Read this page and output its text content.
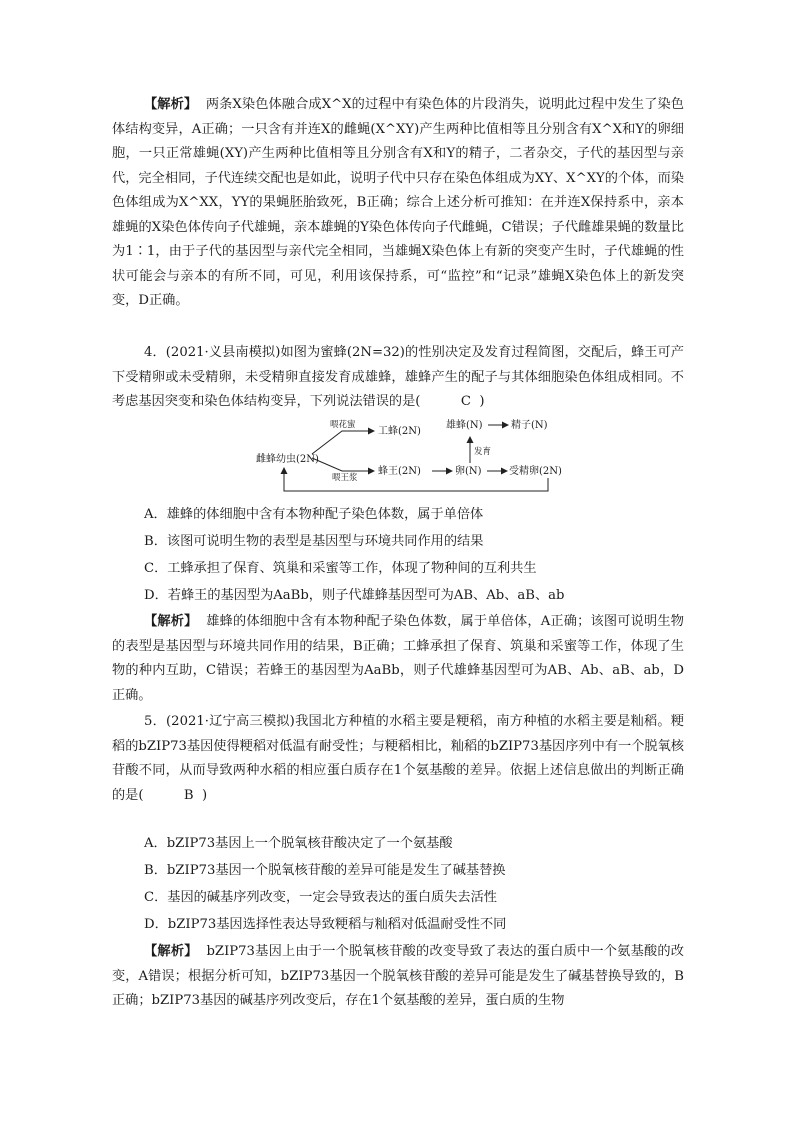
【解析】 两条X染色体融合成X^X的过程中有染色体的片段消失，说明此过程中发生了染色体结构变异，A正确；一只含有并连X的雌蝇(X^XY)产生两种比值相等且分别含有X^X和Y的卵细胞，一只正常雄蝇(XY)产生两种比值相等且分别含有X和Y的精子，二者杂交，子代的基因型与亲代，完全相同，子代连续交配也是如此，说明子代中只存在染色体组成为XY、X^XY的个体，而染色体组成为X^XX，YY的果蝇胚胎致死，B正确；综合上述分析可推知：在并连X保持系中，亲本雄蝇的X染色体传向子代雄蝇，亲本雄蝇的Y染色体传向子代雌蝇，C错误；子代雌雄果蝇的数量比为1∶1，由于子代的基因型与亲代完全相同，当雄蝇X染色体上有新的突变产生时，子代雄蝇的性状可能会与亲本的有所不同，可见，利用该保持系，可“监控”和“记录”雄蝇X染色体上的新发突变，D正确。

4．(2021·义县南模拟)如图为蜜蜂(2N=32)的性别决定及发育过程简图，交配后，蜂王可产下受精卵或未受精卵，未受精卵直接发育成雄蜂，雄蜂产生的配子与其体细胞染色体组成相同。不考虑基因突变和染色体结构变异，下列说法错误的是(	C )

雌蜂幼虫(2N)
喂花蜜
喂王浆
工蜂(2N)
蜂王(2N)	卵(N)
发育
雄蜂(N)	精子(N)
受精卵(2N)

A．雄蜂的体细胞中含有本物种配子染色体数，属于单倍体

B．该图可说明生物的表型是基因型与环境共同作用的结果

C．工蜂承担了保育、筑巢和采蜜等工作，体现了物种间的互利共生

D．若蜂王的基因型为AaBb，则子代雄蜂基因型可为AB、Ab、aB、ab

【解析】 雄蜂的体细胞中含有本物种配子染色体数，属于单倍体，A正确；该图可说明生物的表型是基因型与环境共同作用的结果，B正确；工蜂承担了保育、筑巢和采蜜等工作，体现了生物的种内互助，C错误；若蜂王的基因型为AaBb，则子代雄蜂基因型可为AB、Ab、aB、ab，D正确。

5．(2021·辽宁高三模拟)我国北方种植的水稻主要是粳稻，南方种植的水稻主要是籼稻。粳稻的bZIP73基因使得粳稻对低温有耐受性；与粳稻相比，籼稻的bZIP73基因序列中有一个脱氧核苷酸不同，从而导致两种水稻的相应蛋白质存在1个氨基酸的差异。依据上述信息做出的判断正确的是(	B )

A．bZIP73基因上一个脱氧核苷酸决定了一个氨基酸

B．bZIP73基因一个脱氧核苷酸的差异可能是发生了碱基替换

C．基因的碱基序列改变，一定会导致表达的蛋白质失去活性

D．bZIP73基因选择性表达导致粳稻与籼稻对低温耐受性不同

【解析】 bZIP73基因上由于一个脱氧核苷酸的改变导致了表达的蛋白质中一个氨基酸的改变，A错误；根据分析可知，bZIP73基因一个脱氧核苷酸的差异可能是发生了碱基替换导致的，B正确；bZIP73基因的碱基序列改变后，存在1个氨基酸的差异，蛋白质的生物
